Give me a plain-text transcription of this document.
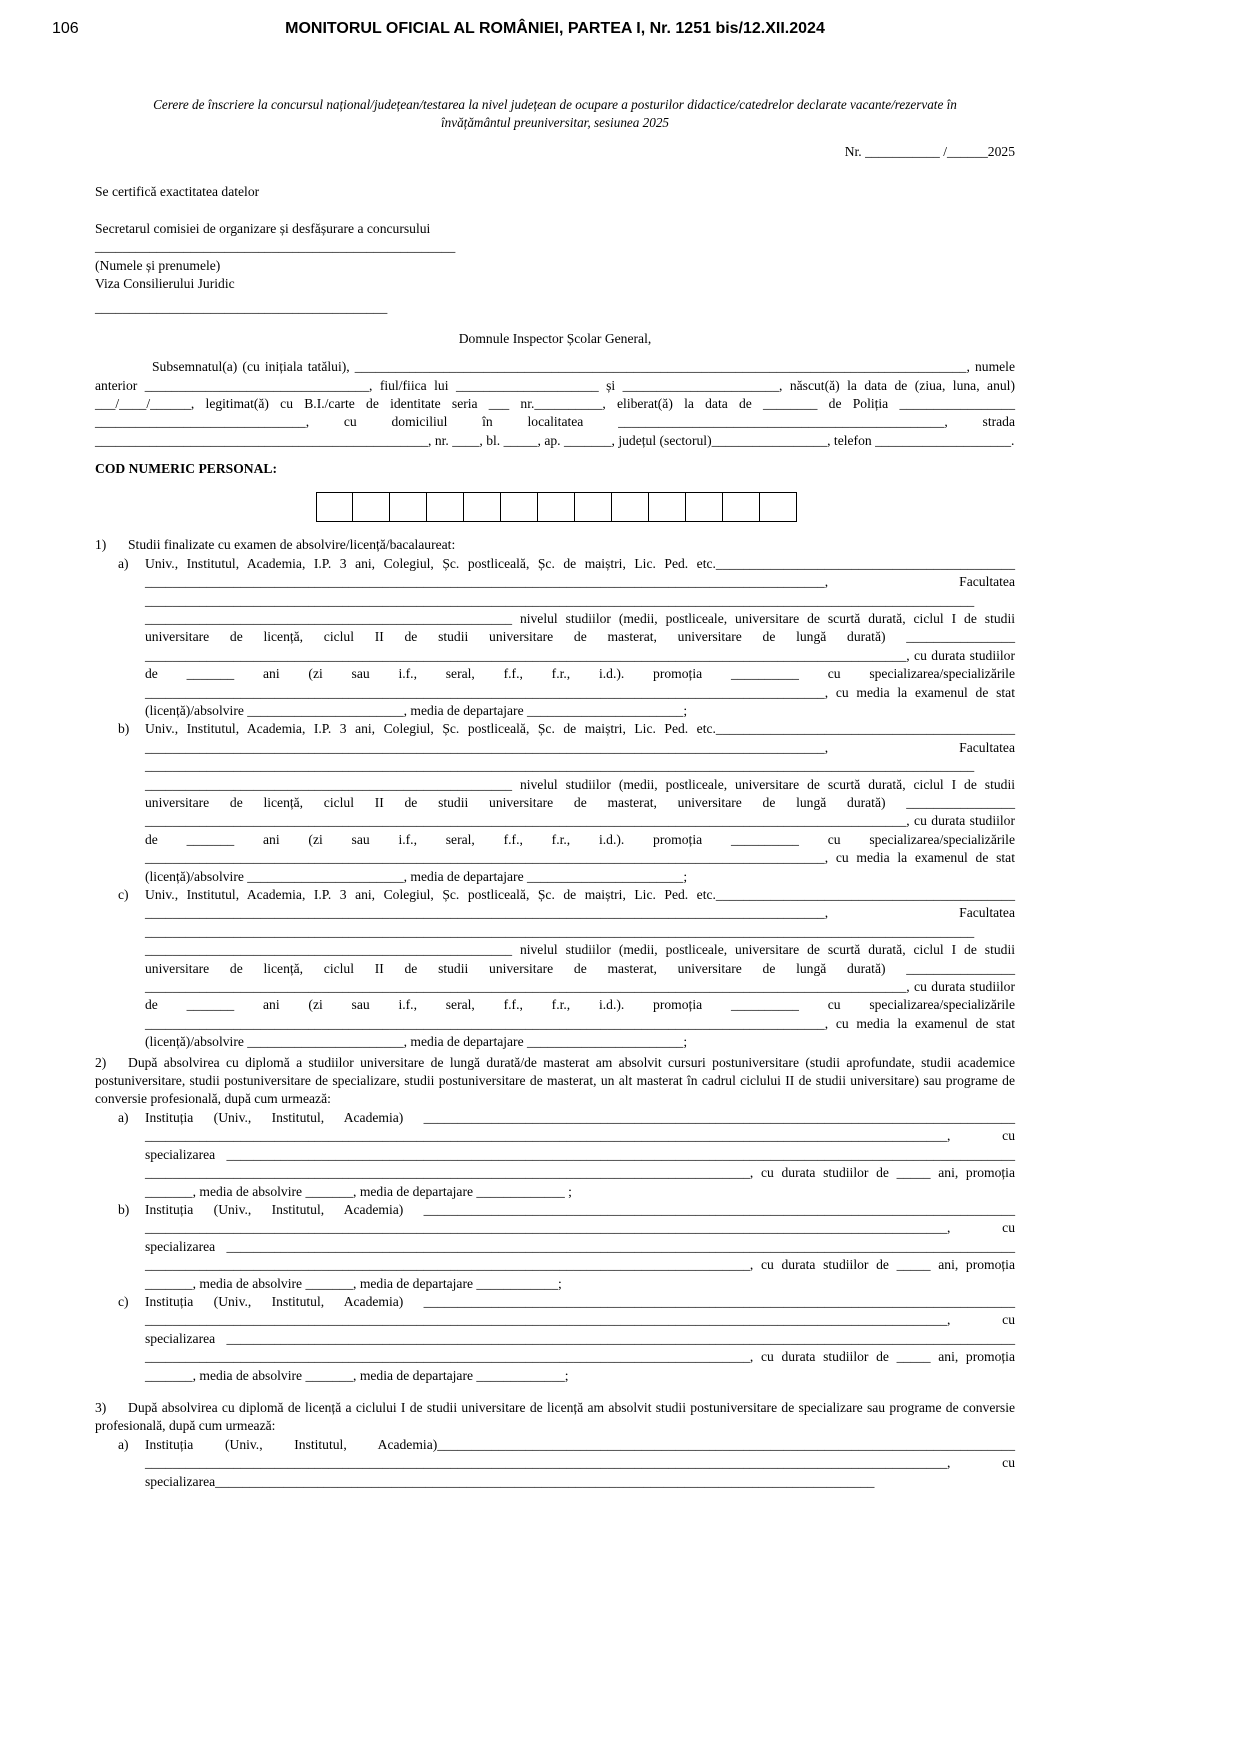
106	MONITORUL OFICIAL AL ROMÂNIEI, PARTEA I, Nr. 1251 bis/12.XII.2024
Cerere de înscriere la concursul național/județean/testarea la nivel județean de ocupare a posturilor didactice/catedrelor declarate vacante/rezervate în
învățământul preuniversitar, sesiunea 2025
Nr. ___________ /______2025

Se certifică exactitatea datelor

Secretarul comisiei de organizare și desfășurare a concursului

_____________________________________________________

(Numele și prenumele)

Viza Consilierului Juridic

___________________________________________

Domnule Inspector Școlar General,

Subsemnatul(a) (cu inițiala tatălui), __________________________________________________________________________________________, numele anterior _________________________________, fiul/fiica lui _____________________ și _______________________, născut(ă) la data de (ziua, luna, anul) ___/____/______, legitimat(ă) cu B.I./carte de identitate seria ___ nr.__________, eliberat(ă) la data de ________ de Poliția _________________ _______________________________, cu domiciliul în localitatea ________________________________________________, strada _________________________________________________, nr. ____, bl. _____, ap. _______, județul (sectorul)_________________, telefon ____________________.

COD NUMERIC PERSONAL:

1) Studii finalizate cu examen de absolvire/licență/bacalaureat:

a)	Univ., Institutul, Academia, I.P. 3 ani, Colegiul, Șc. postliceală, Șc. de maiștri, Lic. Ped. etc.____________________________________________ ____________________________________________________________________________________________________, Facultatea __________________________________________________________________________________________________________________________ ______________________________________________________ nivelul studiilor (medii, postliceale, universitare de scurtă durată, ciclul I de studii universitare de licență, ciclul II de studii universitare de masterat, universitare de lungă durată) ________________ ________________________________________________________________________________________________________________, cu durata studiilor de _______ ani (zi sau i.f., seral, f.f., f.r., i.d.). promoția __________ cu specializarea/specializările ____________________________________________________________________________________________________, cu media la examenul de stat (licență)/absolvire _______________________, media de departajare _______________________;

b)	Univ., Institutul, Academia, I.P. 3 ani, Colegiul, Șc. postliceală, Șc. de maiștri, Lic. Ped. etc.____________________________________________ ____________________________________________________________________________________________________, Facultatea __________________________________________________________________________________________________________________________ ______________________________________________________ nivelul studiilor (medii, postliceale, universitare de scurtă durată, ciclul I de studii universitare de licență, ciclul II de studii universitare de masterat, universitare de lungă durată) ________________ ________________________________________________________________________________________________________________, cu durata studiilor de _______ ani (zi sau i.f., seral, f.f., f.r., i.d.). promoția __________ cu specializarea/specializările ____________________________________________________________________________________________________, cu media la examenul de stat (licență)/absolvire _______________________, media de departajare _______________________;

c)	Univ., Institutul, Academia, I.P. 3 ani, Colegiul, Șc. postliceală, Șc. de maiștri, Lic. Ped. etc.____________________________________________ ____________________________________________________________________________________________________, Facultatea __________________________________________________________________________________________________________________________ ______________________________________________________ nivelul studiilor (medii, postliceale, universitare de scurtă durată, ciclul I de studii universitare de licență, ciclul II de studii universitare de masterat, universitare de lungă durată) ________________ ________________________________________________________________________________________________________________, cu durata studiilor de _______ ani (zi sau i.f., seral, f.f., f.r., i.d.). promoția __________ cu specializarea/specializările ____________________________________________________________________________________________________, cu media la examenul de stat (licență)/absolvire _______________________, media de departajare _______________________;

2) După absolvirea cu diplomă a studiilor universitare de lungă durată/de masterat am absolvit cursuri postuniversitare (studii aprofundate, studii academice postuniversitare, studii postuniversitare de specializare, studii postuniversitare de masterat, un alt masterat în cadrul ciclului II de studii universitare) sau programe de conversie profesională, după cum urmează:

a)	Instituția (Univ., Institutul, Academia) _______________________________________________________________________________________ ______________________________________________________________________________________________________________________, cu specializarea ____________________________________________________________________________________________________________________ _________________________________________________________________________________________, cu durata studiilor de _____ ani, promoția _______, media de absolvire _______, media de departajare _____________ ;

b)	Instituția (Univ., Institutul, Academia) _______________________________________________________________________________________ ______________________________________________________________________________________________________________________, cu specializarea ____________________________________________________________________________________________________________________ _________________________________________________________________________________________, cu durata studiilor de _____ ani, promoția _______, media de absolvire _______, media de departajare ____________;

c)	Instituția (Univ., Institutul, Academia) _______________________________________________________________________________________ ______________________________________________________________________________________________________________________, cu specializarea ____________________________________________________________________________________________________________________ _________________________________________________________________________________________, cu durata studiilor de _____ ani, promoția _______, media de absolvire _______, media de departajare _____________;

3) După absolvirea cu diplomă de licență a ciclului I de studii universitare de licență am absolvit studii postuniversitare de specializare sau programe de conversie profesională, după cum urmează:

a)	Instituția (Univ., Institutul, Academia)_____________________________________________________________________________________ ______________________________________________________________________________________________________________________, cu specializarea_________________________________________________________________________________________________
